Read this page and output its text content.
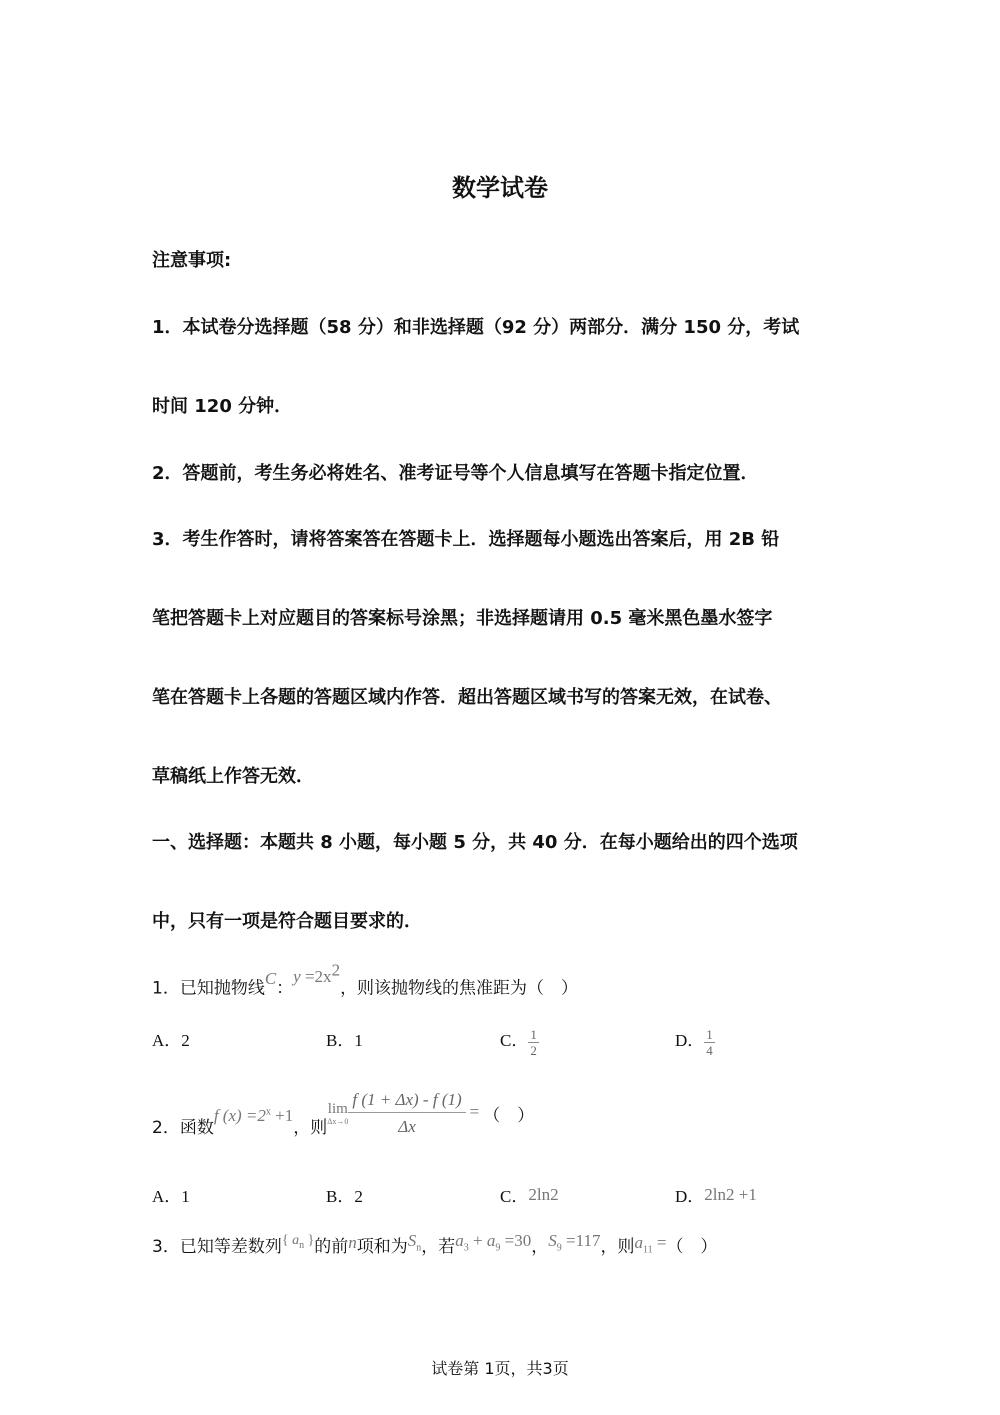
数学试卷
注意事项:
1．本试卷分选择题（58 分）和非选择题（92 分）两部分．满分 150 分，考试
时间 120 分钟．
2．答题前，考生务必将姓名、准考证号等个人信息填写在答题卡指定位置．
3．考生作答时，请将答案答在答题卡上．选择题每小题选出答案后，用 2B 铅
笔把答题卡上对应题目的答案标号涂黑；非选择题请用 0.5 毫米黑色墨水签字
笔在答题卡上各题的答题区域内作答．超出答题区域书写的答案无效，在试卷、
草稿纸上作答无效．
一、选择题：本题共 8 小题，每小题 5 分，共 40 分．在每小题给出的四个选项
中，只有一项是符合题目要求的．
1．已知抛物线C：$y =2x^2$，则该抛物线的焦准距为（　）
A．2	B．1	C． $\frac{1}{2}$	D． $\frac{1}{4}$
2．函数f $(x) =2^x +1$，则
lim
$\Delta x\to 0 \frac{f (1 + \Delta x) - f (1)}{\Delta x}$ = （　）
A．1	B．2	C．2ln2	D．2ln2 +1
3．已知等差数列$^{\{ a_n \}}$的前n项和为$S_n$，若$a_3 + a_9 =30$，$S_9 =117$，则$a_{11}$ =（　）
试卷第 1页，共3页
